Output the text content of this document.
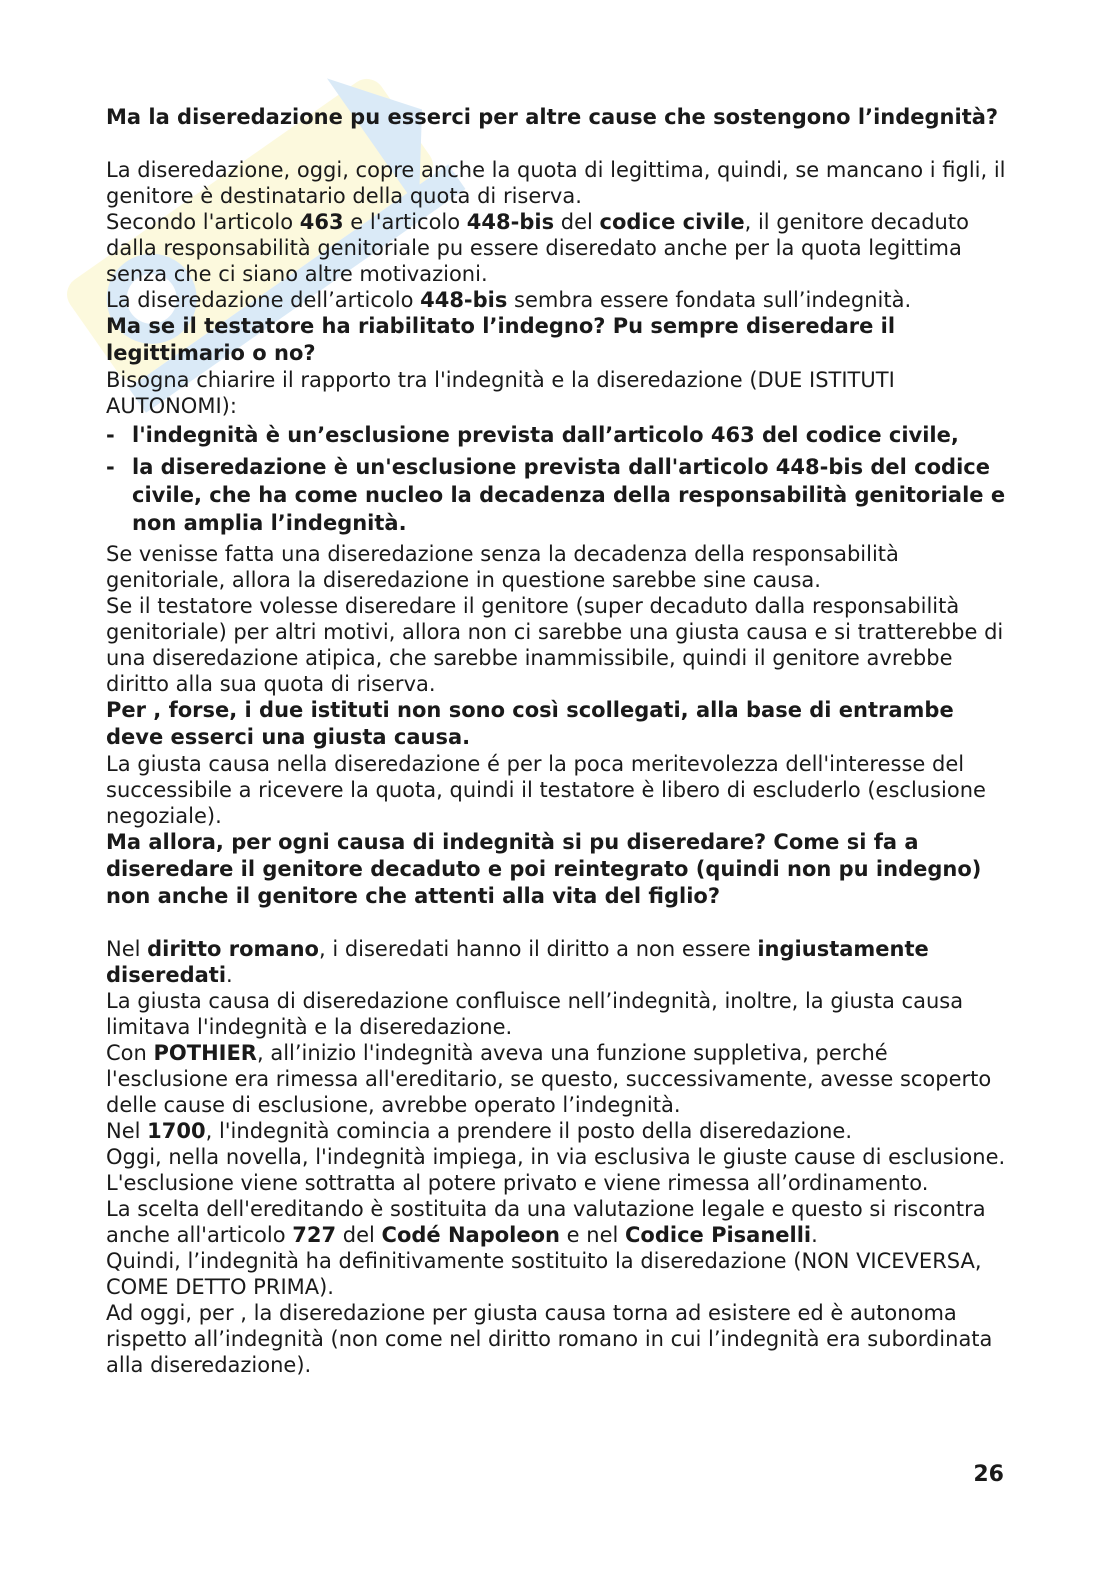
Ma la diseredazione pu esserci per altre cause che sostengono l’indegnità?

La diseredazione, oggi, copre anche la quota di legittima, quindi, se mancano i figli, il genitore è destinatario della quota di riserva.

Secondo l'articolo 463 e l'articolo 448-bis del codice civile, il genitore decaduto dalla responsabilità genitoriale pu essere diseredato anche per la quota legittima senza che ci siano altre motivazioni.

La diseredazione dell’articolo 448-bis sembra essere fondata sull’indegnità.

Ma se il testatore ha riabilitato l’indegno? Pu sempre diseredare il legittimario o no?

Bisogna chiarire il rapporto tra l'indegnità e la diseredazione (DUE ISTITUTI AUTONOMI):

- l'indegnità è un’esclusione prevista dall’articolo 463 del codice civile,
- la diseredazione è un'esclusione prevista dall'articolo 448-bis del codice civile, che ha come nucleo la decadenza della responsabilità genitoriale e non amplia l’indegnità.

Se venisse fatta una diseredazione senza la decadenza della responsabilità genitoriale, allora la diseredazione in questione sarebbe sine causa.

Se il testatore volesse diseredare il genitore (super decaduto dalla responsabilità genitoriale) per altri motivi, allora non ci sarebbe una giusta causa e si tratterebbe di una diseredazione atipica, che sarebbe inammissibile, quindi il genitore avrebbe diritto alla sua quota di riserva.

Per , forse, i due istituti non sono così scollegati, alla base di entrambe deve esserci una giusta causa.

La giusta causa nella diseredazione é per la poca meritevolezza dell'interesse del successibile a ricevere la quota, quindi il testatore è libero di escluderlo (esclusione negoziale).

Ma allora, per ogni causa di indegnità si pu diseredare? Come si fa a diseredare il genitore decaduto e poi reintegrato (quindi non pu indegno) non anche il genitore che attenti alla vita del figlio?

Nel diritto romano, i diseredati hanno il diritto a non essere ingiustamente diseredati.

La giusta causa di diseredazione confluisce nell’indegnità, inoltre, la giusta causa limitava l'indegnità e la diseredazione.

Con POTHIER, all’inizio l'indegnità aveva una funzione suppletiva, perché l'esclusione era rimessa all'ereditario, se questo, successivamente, avesse scoperto delle cause di esclusione, avrebbe operato l’indegnità.

Nel 1700, l'indegnità comincia a prendere il posto della diseredazione.

Oggi, nella novella, l'indegnità impiega, in via esclusiva le giuste cause di esclusione.

L'esclusione viene sottratta al potere privato e viene rimessa all’ordinamento.

La scelta dell'ereditando è sostituita da una valutazione legale e questo si riscontra anche all'articolo 727 del Codé Napoleon e nel Codice Pisanelli.

Quindi, l’indegnità ha definitivamente sostituito la diseredazione (NON VICEVERSA, COME DETTO PRIMA).

Ad oggi, per , la diseredazione per giusta causa torna ad esistere ed è autonoma rispetto all’indegnità (non come nel diritto romano in cui l’indegnità era subordinata alla diseredazione).

26
